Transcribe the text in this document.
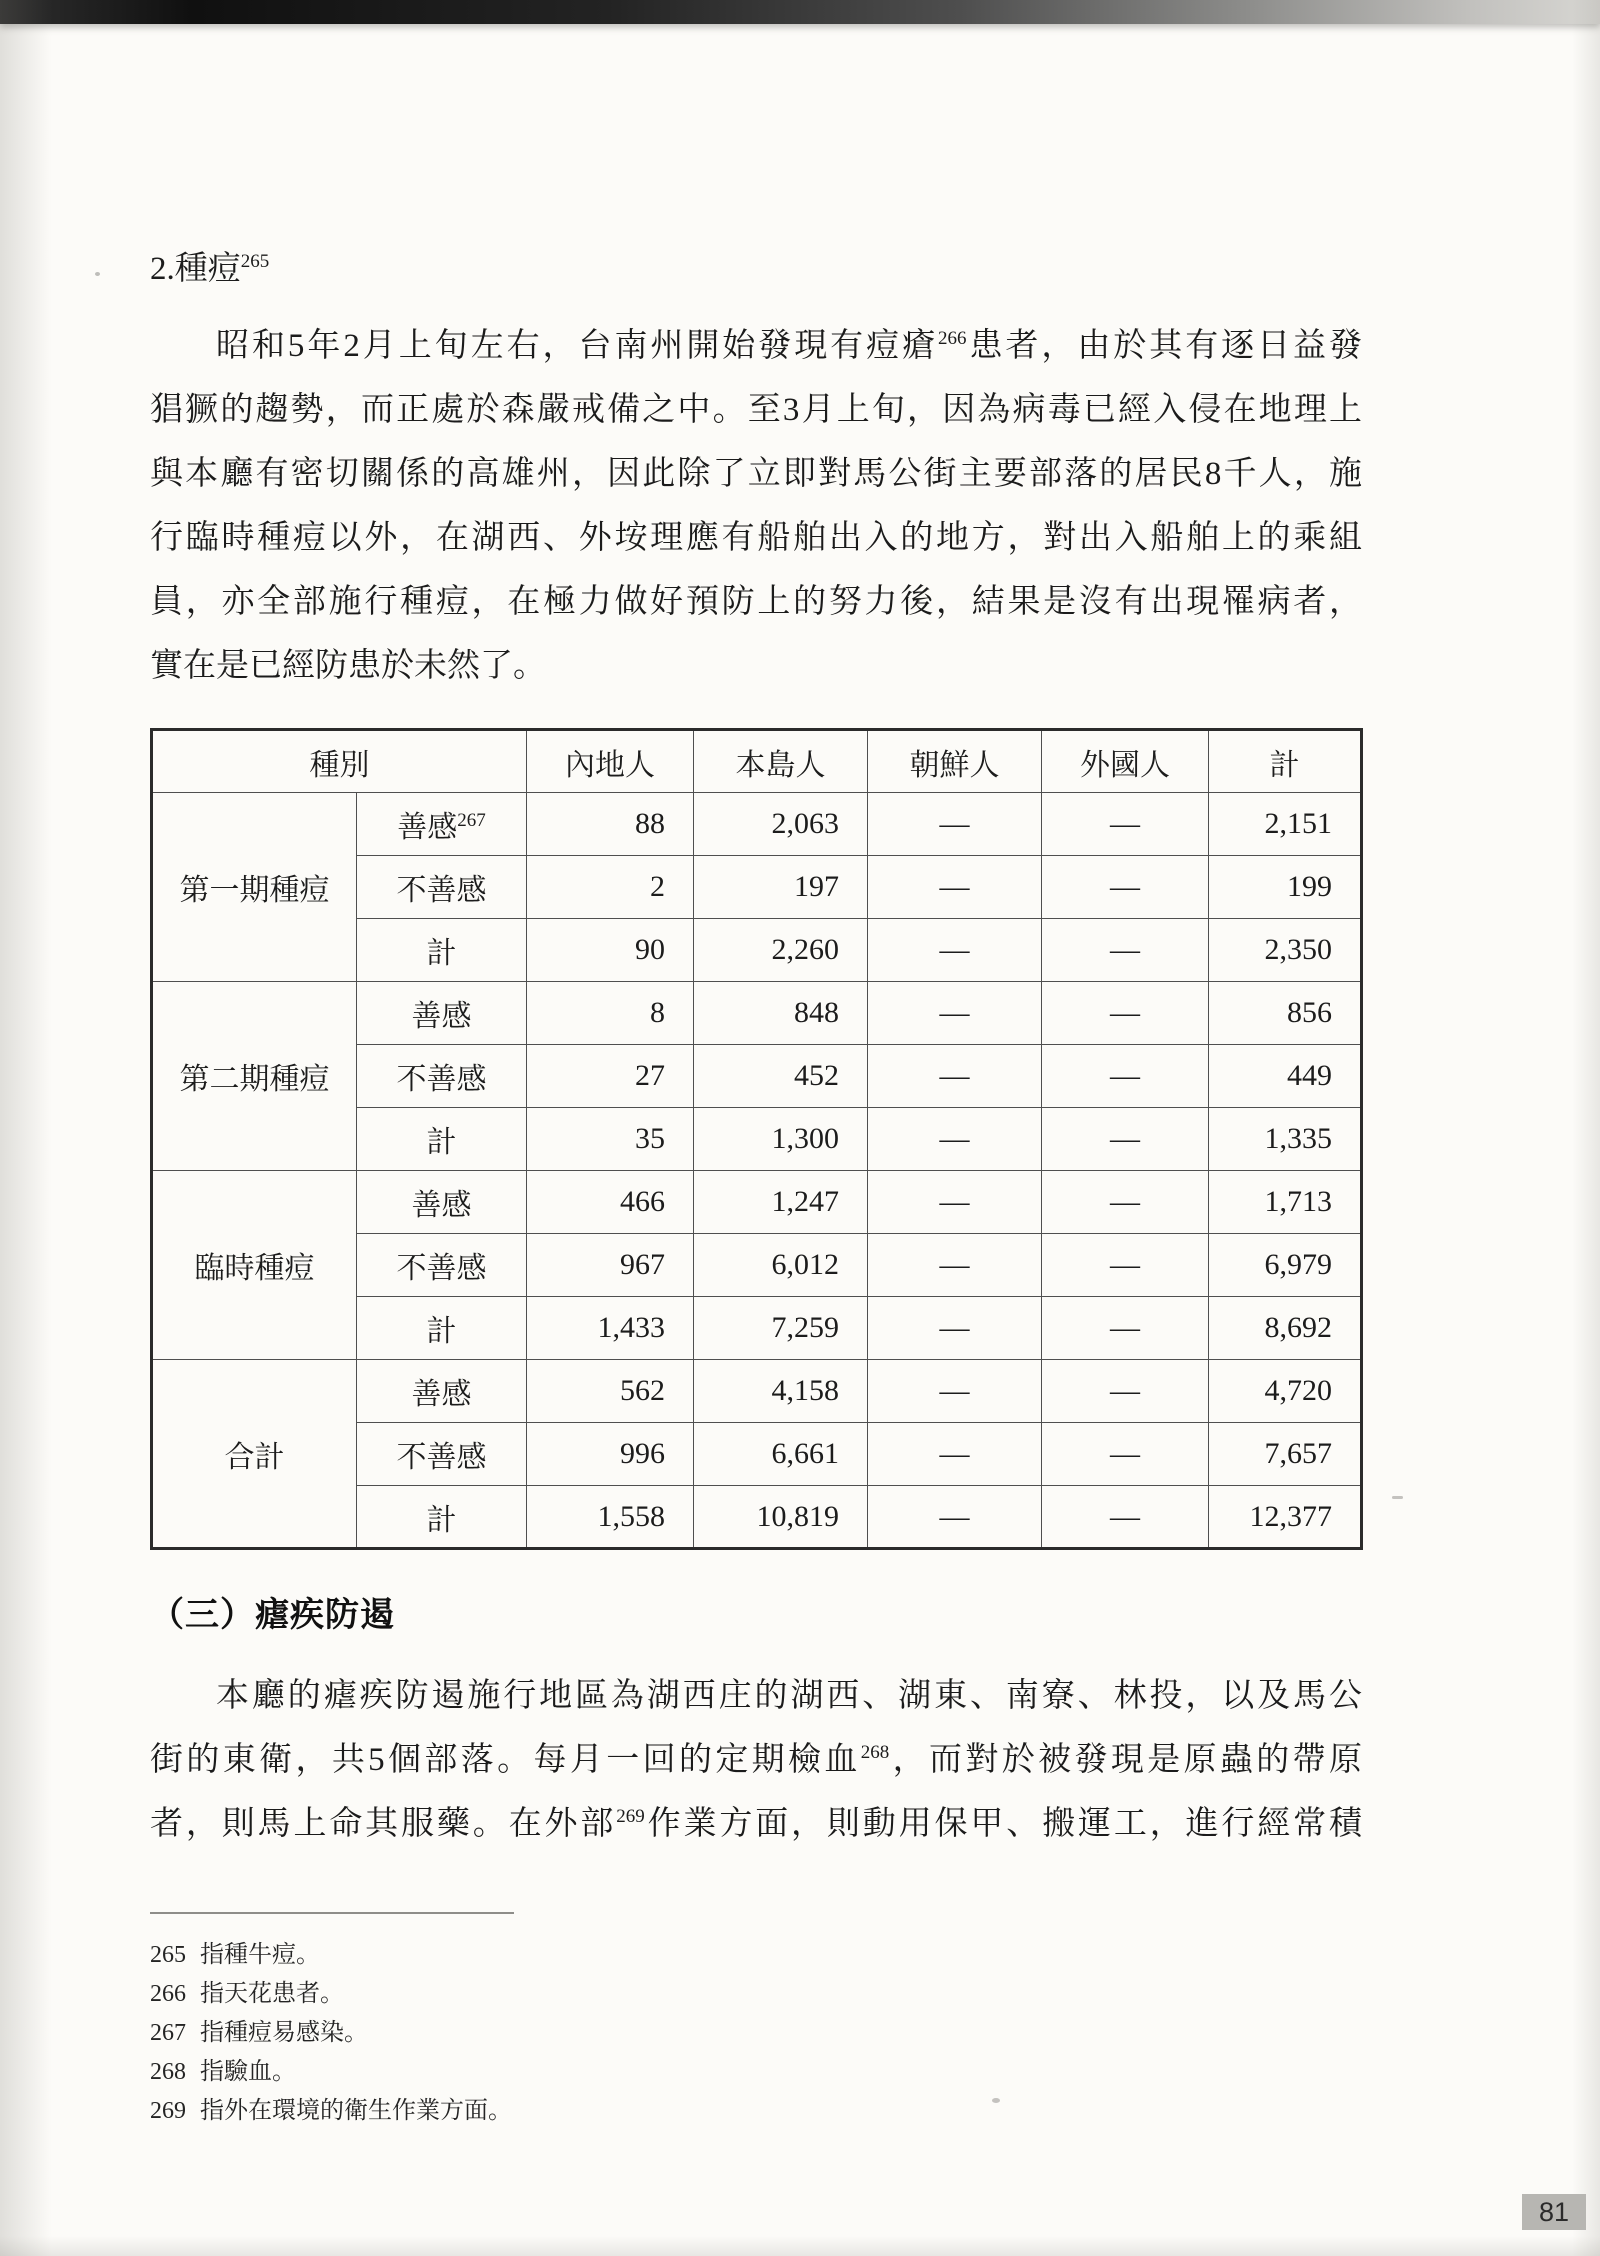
2.種痘$^{265}$
昭和5年2月上旬左右，台南州開始發現有痘瘡$^{266}$患者，由於其有逐日益發
猖獗的趨勢，而正處於森嚴戒備之中。至3月上旬，因為病毒已經入侵在地理上
與本廳有密切關係的高雄州，因此除了立即對馬公街主要部落的居民8千人，施
行臨時種痘以外，在湖西、外垵理應有船舶出入的地方，對出入船舶上的乘組
員，亦全部施行種痘，在極力做好預防上的努力後，結果是沒有出現罹病者，
實在是已經防患於未然了。
種別		內地人	本島人	朝鮮人	外國人	計
第一期種痘	善感$^{267}$	88	2,063	—	—	2,151
	不善感	2	197	—	—	199
	計	90	2,260	—	—	2,350
第二期種痘	善感	8	848	—	—	856
	不善感	27	452	—	—	449
	計	35	1,300	—	—	1,335
臨時種痘	善感	466	1,247	—	—	1,713
	不善感	967	6,012	—	—	6,979
	計	1,433	7,259	—	—	8,692
合計	善感	562	4,158	—	—	4,720
	不善感	996	6,661	—	—	7,657
	計	1,558	10,819	—	—	12,377
（三）瘧疾防遏
本廳的瘧疾防遏施行地區為湖西庄的湖西、湖東、南寮、林投，以及馬公
街的東衛，共5個部落。每月一回的定期檢血$^{268}$，而對於被發現是原蟲的帶原
者，則馬上命其服藥。在外部$^{269}$作業方面，則動用保甲、搬運工，進行經常積
265 指種牛痘。
266 指天花患者。
267 指種痘易感染。
268 指驗血。
269 指外在環境的衛生作業方面。
81
